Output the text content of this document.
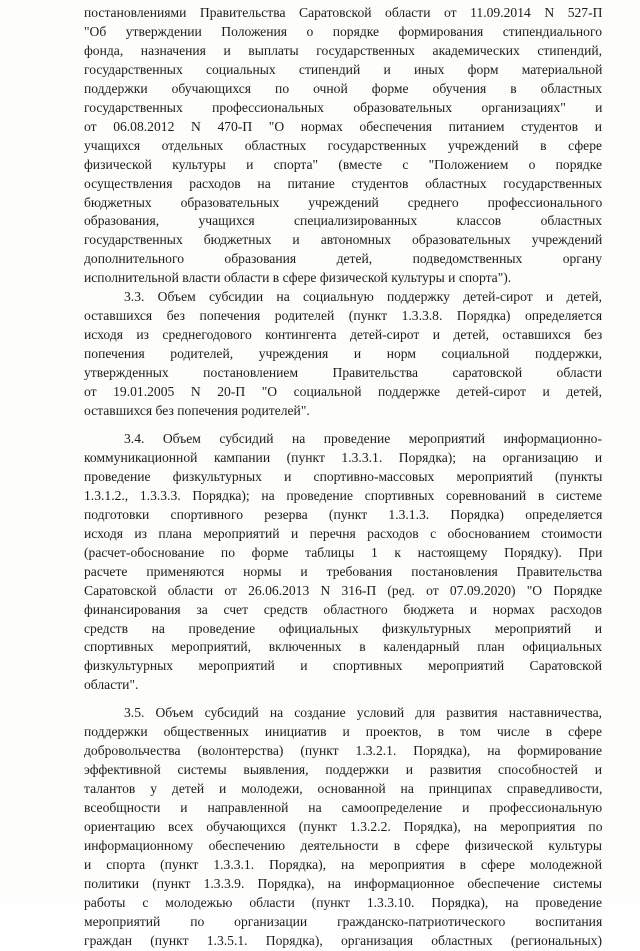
постановлениями Правительства Саратовской области от 11.09.2014 N 527-П
"Об утверждении Положения о порядке формирования стипендиального
фонда, назначения и выплаты государственных академических стипендий,
государственных социальных стипендий и иных форм материальной
поддержки обучающихся по очной форме обучения в областных
государственных профессиональных образовательных организациях" и
от 06.08.2012 N 470-П "О нормах обеспечения питанием студентов и
учащихся отдельных областных государственных учреждений в сфере
физической культуры и спорта" (вместе с "Положением о порядке
осуществления расходов на питание студентов областных государственных
бюджетных образовательных учреждений среднего профессионального
образования, учащихся специализированных классов областных
государственных бюджетных и автономных образовательных учреждений
дополнительного образования детей, подведомственных органу
исполнительной власти области в сфере физической культуры и спорта").
3.3. Объем субсидии на социальную поддержку детей-сирот и детей,
оставшихся без попечения родителей (пункт 1.3.3.8. Порядка) определяется
исходя из среднегодового контингента детей-сирот и детей, оставшихся без
попечения родителей, учреждения и норм социальной поддержки,
утвержденных постановлением Правительства саратовской области
от 19.01.2005 N 20-П "О социальной поддержке детей-сирот и детей,
оставшихся без попечения родителей".
3.4. Объем субсидий на проведение мероприятий информационно-
коммуникационной кампании (пункт 1.3.3.1. Порядка); на организацию и
проведение физкультурных и спортивно-массовых мероприятий (пункты
1.3.1.2., 1.3.3.3. Порядка); на проведение спортивных соревнований в системе
подготовки спортивного резерва (пункт 1.3.1.3. Порядка) определяется
исходя из плана мероприятий и перечня расходов с обоснованием стоимости
(расчет-обоснование по форме таблицы 1 к настоящему Порядку). При
расчете применяются нормы и требования постановления Правительства
Саратовской области от 26.06.2013 N 316-П (ред. от 07.09.2020) "О Порядке
финансирования за счет средств областного бюджета и нормах расходов
средств на проведение официальных физкультурных мероприятий и
спортивных мероприятий, включенных в календарный план официальных
физкультурных мероприятий и спортивных мероприятий Саратовской
области".
3.5. Объем субсидий на создание условий для развития наставничества,
поддержки общественных инициатив и проектов, в том числе в сфере
добровольчества (волонтерства) (пункт 1.3.2.1. Порядка), на формирование
эффективной системы выявления, поддержки и развития способностей и
талантов у детей и молодежи, основанной на принципах справедливости,
всеобщности и направленной на самоопределение и профессиональную
ориентацию всех обучающихся (пункт 1.3.2.2. Порядка), на мероприятия по
информационному обеспечению деятельности в сфере физической культуры
и спорта (пункт 1.3.3.1. Порядка), на мероприятия в сфере молодежной
политики (пункт 1.3.3.9. Порядка), на информационное обеспечение системы
работы с молодежью области (пункт 1.3.3.10. Порядка), на проведение
мероприятий по организации гражданско-патриотического воспитания
граждан (пункт 1.3.5.1. Порядка), организация областных (региональных)
